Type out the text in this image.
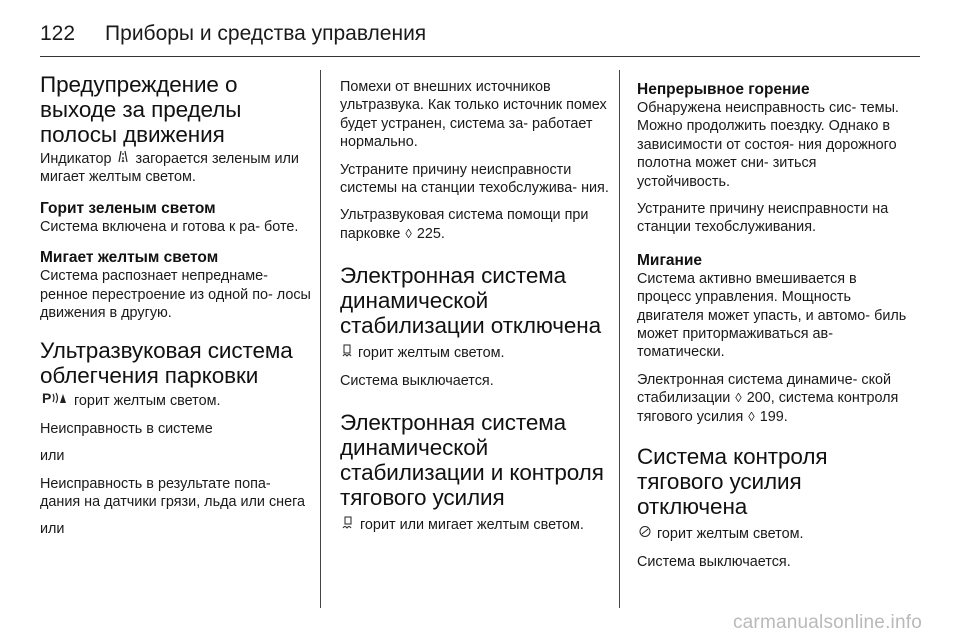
122 Приборы и средства управления
Предупреждение о
выходе за пределы
полосы движения

Индикатор загорается зеленым или мигает желтым светом.

Горит зеленым светом

Система включена и готова к ра- боте.

Мигает желтым светом

Система распознает непреднаме- ренное перестроение из одной по- лосы движения в другую.

Ультразвуковая система
облегчения парковки

P горит желтым светом.

Неисправность в системе

или

Неисправность в результате попа- дания на датчики грязи, льда или снега

или

Помехи от внешних источников ультразвука. Как только источник помех будет устранен, система за- работает нормально.

Устраните причину неисправности системы на станции техобслужива- ния.

Ультразвуковая система помощи при парковке ◊ 225.

Электронная система
динамической
стабилизации отключена

горит желтым светом.

Система выключается.

Электронная система
динамической
стабилизации и контроля
тягового усилия

горит или мигает желтым светом.

Непрерывное горение

Обнаружена неисправность сис- темы. Можно продолжить поездку. Однако в зависимости от состоя- ния дорожного полотна может сни- зиться устойчивость.

Устраните причину неисправности на станции техобслуживания.

Мигание

Система активно вмешивается в процесс управления. Мощность двигателя может упасть, и автомо- биль может притормаживаться ав- томатически.

Электронная система динамиче- ской стабилизации ◊ 200, система контроля тягового усилия ◊ 199.

Система контроля
тягового усилия
отключена

горит желтым светом.

Система выключается.

carmanualsonline.info
